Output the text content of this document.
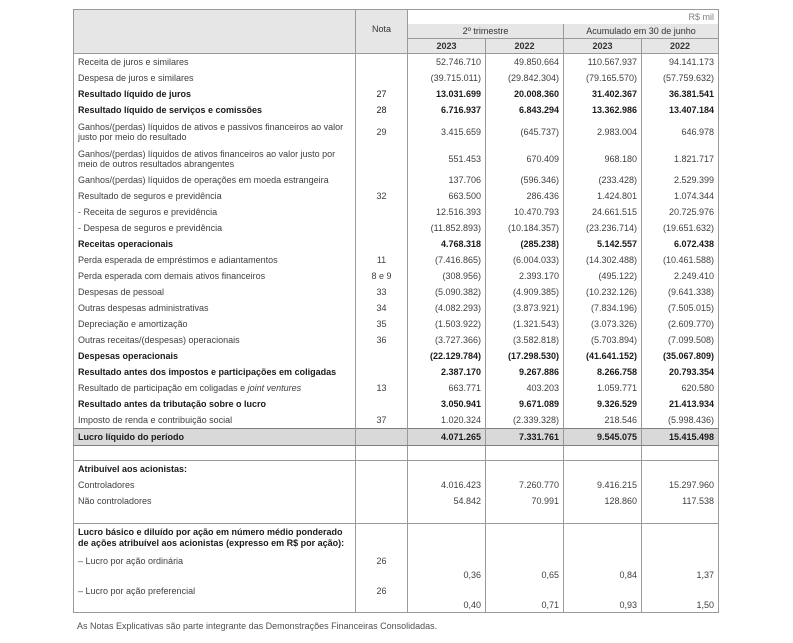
		R$ mil			
	Nota	2º trimestre		Acumulado em 30 de junho	
		2023	2022	2023	2022
Receita de juros e similares		52.746.710	49.850.664	110.567.937	94.141.173
Despesa de juros e similares		(39.715.011)	(29.842.304)	(79.165.570)	(57.759.632)
Resultado líquido de juros	27	13.031.699	20.008.360	31.402.367	36.381.541
Resultado líquido de serviços e comissões	28	6.716.937	6.843.294	13.362.986	13.407.184
Ganhos/(perdas) líquidos de ativos e passivos financeiros ao valor justo por meio do resultado	29	3.415.659	(645.737)	2.983.004	646.978
Ganhos/(perdas) líquidos de ativos financeiros ao valor justo por meio de outros resultados abrangentes		551.453	670.409	968.180	1.821.717
Ganhos/(perdas) líquidos de operações em moeda estrangeira		137.706	(596.346)	(233.428)	2.529.399
Resultado de seguros e previdência	32	663.500	286.436	1.424.801	1.074.344
- Receita de seguros e previdência		12.516.393	10.470.793	24.661.515	20.725.976
- Despesa de seguros e previdência		(11.852.893)	(10.184.357)	(23.236.714)	(19.651.632)
Receitas operacionais		4.768.318	(285.238)	5.142.557	6.072.438
Perda esperada de empréstimos e adiantamentos	11	(7.416.865)	(6.004.033)	(14.302.488)	(10.461.588)
Perda esperada com demais ativos financeiros	8 e 9	(308.956)	2.393.170	(495.122)	2.249.410
Despesas de pessoal	33	(5.090.382)	(4.909.385)	(10.232.126)	(9.641.338)
Outras despesas administrativas	34	(4.082.293)	(3.873.921)	(7.834.196)	(7.505.015)
Depreciação e amortização	35	(1.503.922)	(1.321.543)	(3.073.326)	(2.609.770)
Outras receitas/(despesas) operacionais	36	(3.727.366)	(3.582.818)	(5.703.894)	(7.099.508)
Despesas operacionais		(22.129.784)	(17.298.530)	(41.641.152)	(35.067.809)
Resultado antes dos impostos e participações em coligadas		2.387.170	9.267.886	8.266.758	20.793.354
Resultado de participação em coligadas e joint ventures	13	663.771	403.203	1.059.771	620.580
Resultado antes da tributação sobre o lucro		3.050.941	9.671.089	9.326.529	21.413.934
Imposto de renda e contribuição social	37	1.020.324	(2.339.328)	218.546	(5.998.436)
Lucro líquido do período		4.071.265	7.331.761	9.545.075	15.415.498

Atribuível aos acionistas:					
Controladores		4.016.423	7.260.770	9.416.215	15.297.960
Não controladores		54.842	70.991	128.860	117.538

Lucro básico e diluído por ação em número médio ponderado de ações atribuível aos acionistas (expresso em R$ por ação):					
– Lucro por ação ordinária	26	0,36	0,65	0,84	1,37
– Lucro por ação preferencial	26	0,40	0,71	0,93	1,50
As Notas Explicativas são parte integrante das Demonstrações Financeiras Consolidadas.
